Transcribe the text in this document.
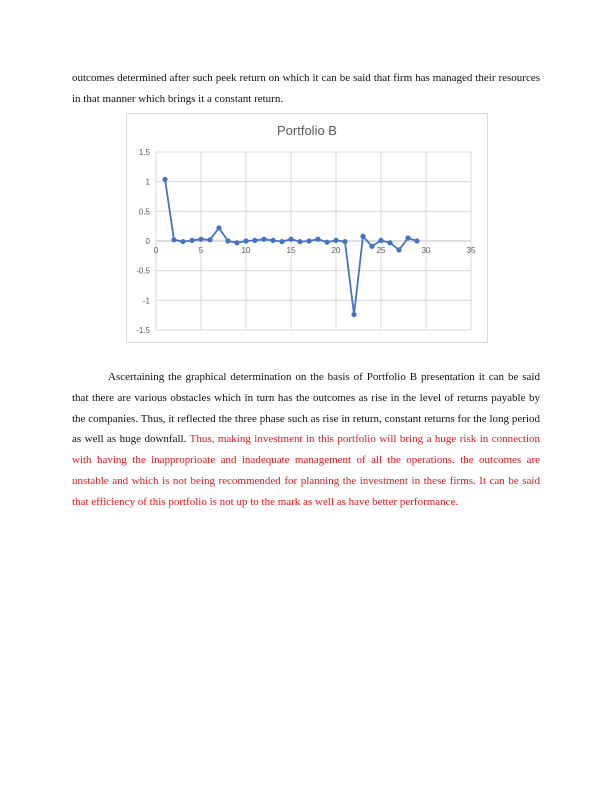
outcomes determined after such peek return on which it can be said that firm has managed their resources in that manner which brings it a constant return.

Portfolio B
1.5
1
0.5
0
-0.5
-1
-1.5
0	5	10	15	20	25	30	35

Ascertaining the graphical determination on the basis of Portfolio B presentation it can be said that there are various obstacles which in turn has the outcomes as rise in the level of returns payable by the companies. Thus, it reflected the three phase such as rise in return, constant returns for the long period as well as huge downfall. Thus, making investment in this portfolio will bring a huge risk in connection with having the inapproprioate and inadequate management of all the operations. the outcomes are unstable and which is not being recommended for planning the investment in these firms. It can be said that efficiency of this portfolio is not up to the mark as well as have better performance.
